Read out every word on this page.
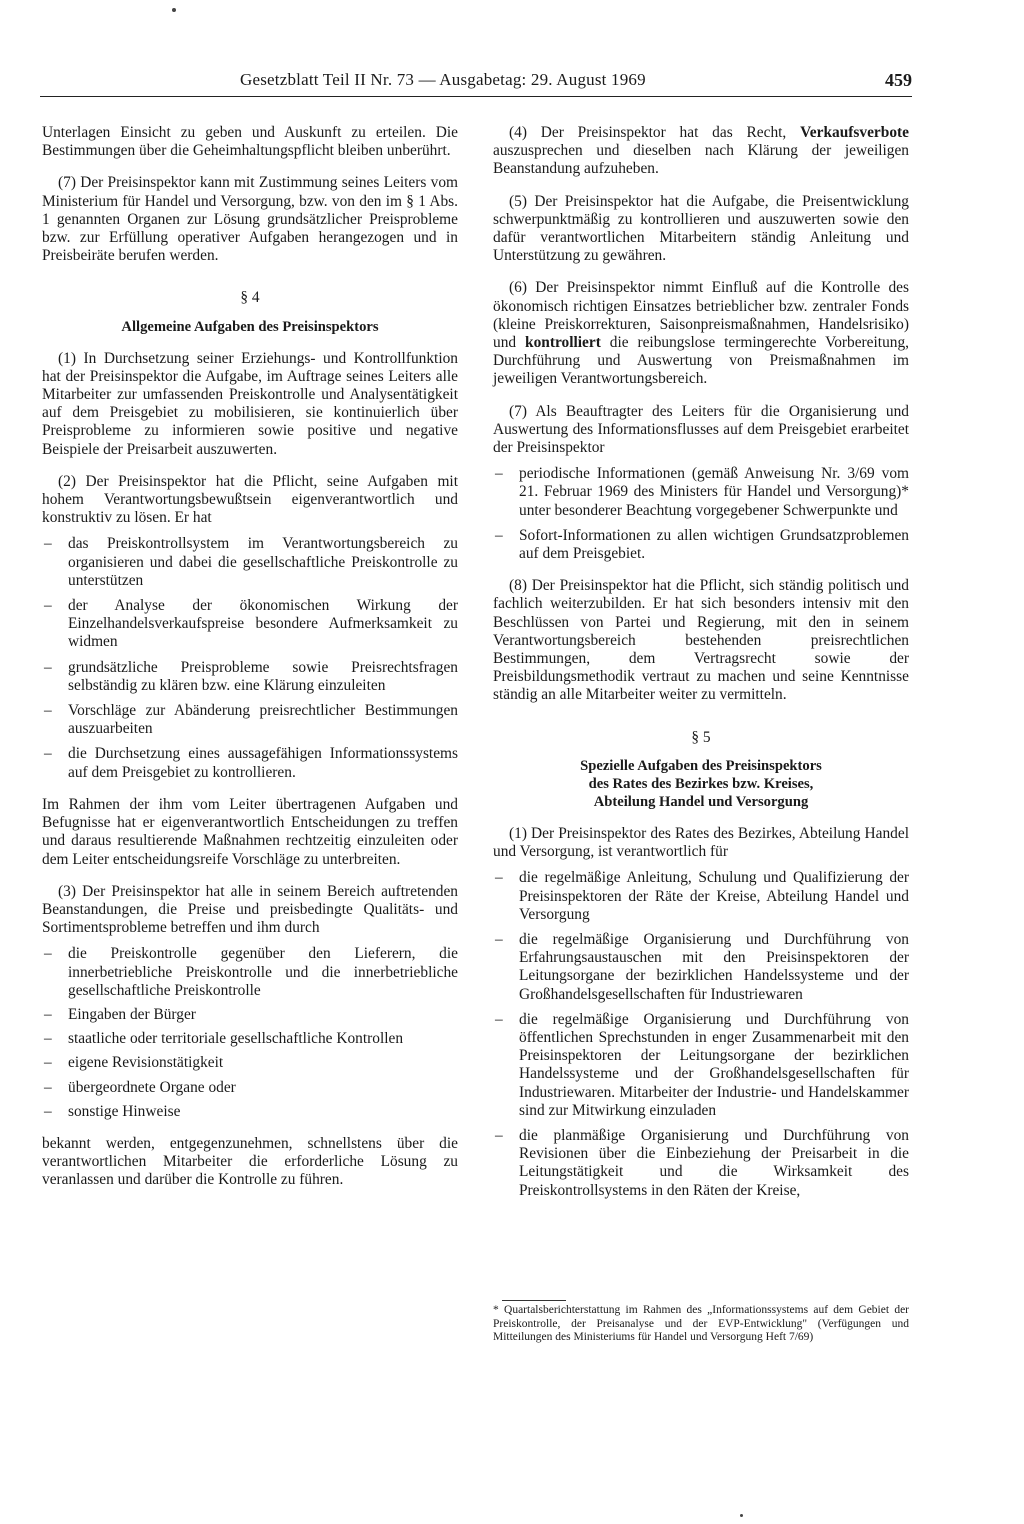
Gesetzblatt Teil II Nr. 73 — Ausgabetag: 29. August 1969	459

Unterlagen Einsicht zu geben und Auskunft zu erteilen. Die Bestimmungen über die Geheimhaltungspflicht bleiben unberührt.

(7) Der Preisinspektor kann mit Zustimmung seines Leiters vom Ministerium für Handel und Versorgung, bzw. von den im § 1 Abs. 1 genannten Organen zur Lösung grundsätzlicher Preisprobleme bzw. zur Erfüllung operativer Aufgaben herangezogen und in Preisbeiräte berufen werden.

§ 4
Allgemeine Aufgaben des Preisinspektors

(1) In Durchsetzung seiner Erziehungs- und Kontrollfunktion hat der Preisinspektor die Aufgabe, im Auftrage seines Leiters alle Mitarbeiter zur umfassenden Preiskontrolle und Analysentätigkeit auf dem Preisgebiet zu mobilisieren, sie kontinuierlich über Preisprobleme zu informieren sowie positive und negative Beispiele der Preisarbeit auszuwerten.

(2) Der Preisinspektor hat die Pflicht, seine Aufgaben mit hohem Verantwortungsbewußtsein eigenverantwortlich und konstruktiv zu lösen. Er hat

– das Preiskontrollsystem im Verantwortungsbereich zu organisieren und dabei die gesellschaftliche Preiskontrolle zu unterstützen
– der Analyse der ökonomischen Wirkung der Einzelhandelsverkaufspreise besondere Aufmerksamkeit zu widmen
– grundsätzliche Preisprobleme sowie Preisrechtsfragen selbständig zu klären bzw. eine Klärung einzuleiten
– Vorschläge zur Abänderung preisrechtlicher Bestimmungen auszuarbeiten
– die Durchsetzung eines aussagefähigen Informationssystems auf dem Preisgebiet zu kontrollieren.

Im Rahmen der ihm vom Leiter übertragenen Aufgaben und Befugnisse hat er eigenverantwortlich Entscheidungen zu treffen und daraus resultierende Maßnahmen rechtzeitig einzuleiten oder dem Leiter entscheidungsreife Vorschläge zu unterbreiten.

(3) Der Preisinspektor hat alle in seinem Bereich auftretenden Beanstandungen, die Preise und preisbedingte Qualitäts- und Sortimentsprobleme betreffen und ihm durch

– die Preiskontrolle gegenüber den Lieferern, die innerbetriebliche Preiskontrolle und die innerbetriebliche gesellschaftliche Preiskontrolle
– Eingaben der Bürger
– staatliche oder territoriale gesellschaftliche Kontrollen
– eigene Revisionstätigkeit
– übergeordnete Organe oder
– sonstige Hinweise

bekannt werden, entgegenzunehmen, schnellstens über die verantwortlichen Mitarbeiter die erforderliche Lösung zu veranlassen und darüber die Kontrolle zu führen.

(4) Der Preisinspektor hat das Recht, Verkaufsverbote auszusprechen und dieselben nach Klärung der jeweiligen Beanstandung aufzuheben.

(5) Der Preisinspektor hat die Aufgabe, die Preisentwicklung schwerpunktmäßig zu kontrollieren und auszuwerten sowie den dafür verantwortlichen Mitarbeitern ständig Anleitung und Unterstützung zu gewähren.

(6) Der Preisinspektor nimmt Einfluß auf die Kontrolle des ökonomisch richtigen Einsatzes betrieblicher bzw. zentraler Fonds (kleine Preiskorrekturen, Saisonpreismaßnahmen, Handelsrisiko) und kontrolliert die reibungslose termingerechte Vorbereitung, Durchführung und Auswertung von Preismaßnahmen im jeweiligen Verantwortungsbereich.

(7) Als Beauftragter des Leiters für die Organisierung und Auswertung des Informationsflusses auf dem Preisgebiet erarbeitet der Preisinspektor

– periodische Informationen (gemäß Anweisung Nr. 3/69 vom 21. Februar 1969 des Ministers für Handel und Versorgung)* unter besonderer Beachtung vorgegebener Schwerpunkte und
– Sofort-Informationen zu allen wichtigen Grundsatzproblemen auf dem Preisgebiet.

(8) Der Preisinspektor hat die Pflicht, sich ständig politisch und fachlich weiterzubilden. Er hat sich besonders intensiv mit den Beschlüssen von Partei und Regierung, mit den in seinem Verantwortungsbereich bestehenden preisrechtlichen Bestimmungen, dem Vertragsrecht sowie der Preisbildungsmethodik vertraut zu machen und seine Kenntnisse ständig an alle Mitarbeiter weiter zu vermitteln.

§ 5
Spezielle Aufgaben des Preisinspektors
des Rates des Bezirkes bzw. Kreises,
Abteilung Handel und Versorgung

(1) Der Preisinspektor des Rates des Bezirkes, Abteilung Handel und Versorgung, ist verantwortlich für

– die regelmäßige Anleitung, Schulung und Qualifizierung der Preisinspektoren der Räte der Kreise, Abteilung Handel und Versorgung
– die regelmäßige Organisierung und Durchführung von Erfahrungsaustauschen mit den Preisinspektoren der Leitungsorgane der bezirklichen Handelssysteme und der Großhandelsgesellschaften für Industriewaren
– die regelmäßige Organisierung und Durchführung von öffentlichen Sprechstunden in enger Zusammenarbeit mit den Preisinspektoren der Leitungsorgane der bezirklichen Handelssysteme und der Großhandelsgesellschaften für Industriewaren. Mitarbeiter der Industrie- und Handelskammer sind zur Mitwirkung einzuladen
– die planmäßige Organisierung und Durchführung von Revisionen über die Einbeziehung der Preisarbeit in die Leitungstätigkeit und die Wirksamkeit des Preiskontrollsystems in den Räten der Kreise,
* Quartalsberichterstattung im Rahmen des „Informationssystems auf dem Gebiet der Preiskontrolle, der Preisanalyse und der EVP-Entwicklung" (Verfügungen und Mitteilungen des Ministeriums für Handel und Versorgung Heft 7/69)
